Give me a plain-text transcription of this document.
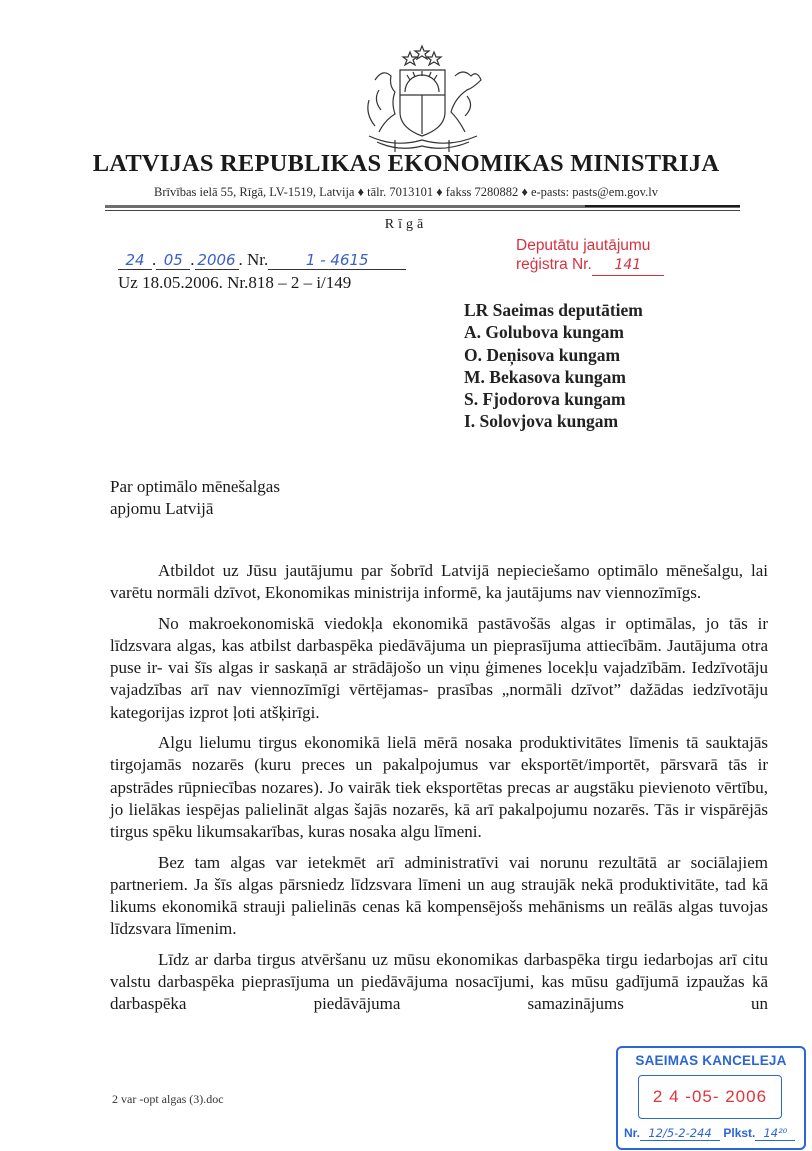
LATVIJAS REPUBLIKAS EKONOMIKAS MINISTRIJA
Brīvības ielā 55, Rīgā, LV-1519, Latvija ♦ tālr. 7013101 ♦ fakss 7280882 ♦ e-pasts: pasts@em.gov.lv
Rīgā
24 . 05 . 2006 . Nr.	1 - 4615
Uz 18.05.2006. Nr.818 – 2 – i/149
Deputātu jautājumu
reģistra Nr. 141
LR Saeimas deputātiem
A. Golubova kungam
O. Deņisova kungam
M. Bekasova kungam
S. Fjodorova kungam
I. Solovjova kungam
Par optimālo mēnešalgas
apjomu Latvijā

Atbildot uz Jūsu jautājumu par šobrīd Latvijā nepieciešamo optimālo mēnešalgu, lai varētu normāli dzīvot, Ekonomikas ministrija informē, ka jautājums nav viennozīmīgs.

No makroekonomiskā viedokļa ekonomikā pastāvošās algas ir optimālas, jo tās ir līdzsvara algas, kas atbilst darbaspēka piedāvājuma un pieprasījuma attiecībām. Jautājuma otra puse ir- vai šīs algas ir saskaņā ar strādājošo un viņu ģimenes locekļu vajadzībām. Iedzīvotāju vajadzības arī nav viennozīmīgi vērtējamas- prasības „normāli dzīvot” dažādas iedzīvotāju kategorijas izprot ļoti atšķirīgi.

Algu lielumu tirgus ekonomikā lielā mērā nosaka produktivitātes līmenis tā sauktajās tirgojamās nozarēs (kuru preces un pakalpojumus var eksportēt/importēt, pārsvarā tās ir apstrādes rūpniecības nozares). Jo vairāk tiek eksportētas precas ar augstāku pievienoto vērtību, jo lielākas iespējas palielināt algas šajās nozarēs, kā arī pakalpojumu nozarēs. Tās ir vispārējās tirgus spēku likumsakarības, kuras nosaka algu līmeni.

Bez tam algas var ietekmēt arī administratīvi vai norunu rezultātā ar sociālajiem partneriem. Ja šīs algas pārsniedz līdzsvara līmeni un aug straujāk nekā produktivitāte, tad kā likums ekonomikā strauji palielinās cenas kā kompensējošs mehānisms un reālās algas tuvojas līdzsvara līmenim.

Līdz ar darba tirgus atvēršanu uz mūsu ekonomikas darbaspēka tirgu iedarbojas arī citu valstu darbaspēka pieprasījuma un piedāvājuma nosacījumi, kas mūsu gadījumā izpaužas kā darbaspēka piedāvājuma samazinājums un

2 var -opt algas (3).doc
SAEIMAS KANCELEJA
2 4 -05- 2006
Nr. 12/5-2-244 Plkst. 14²⁰
